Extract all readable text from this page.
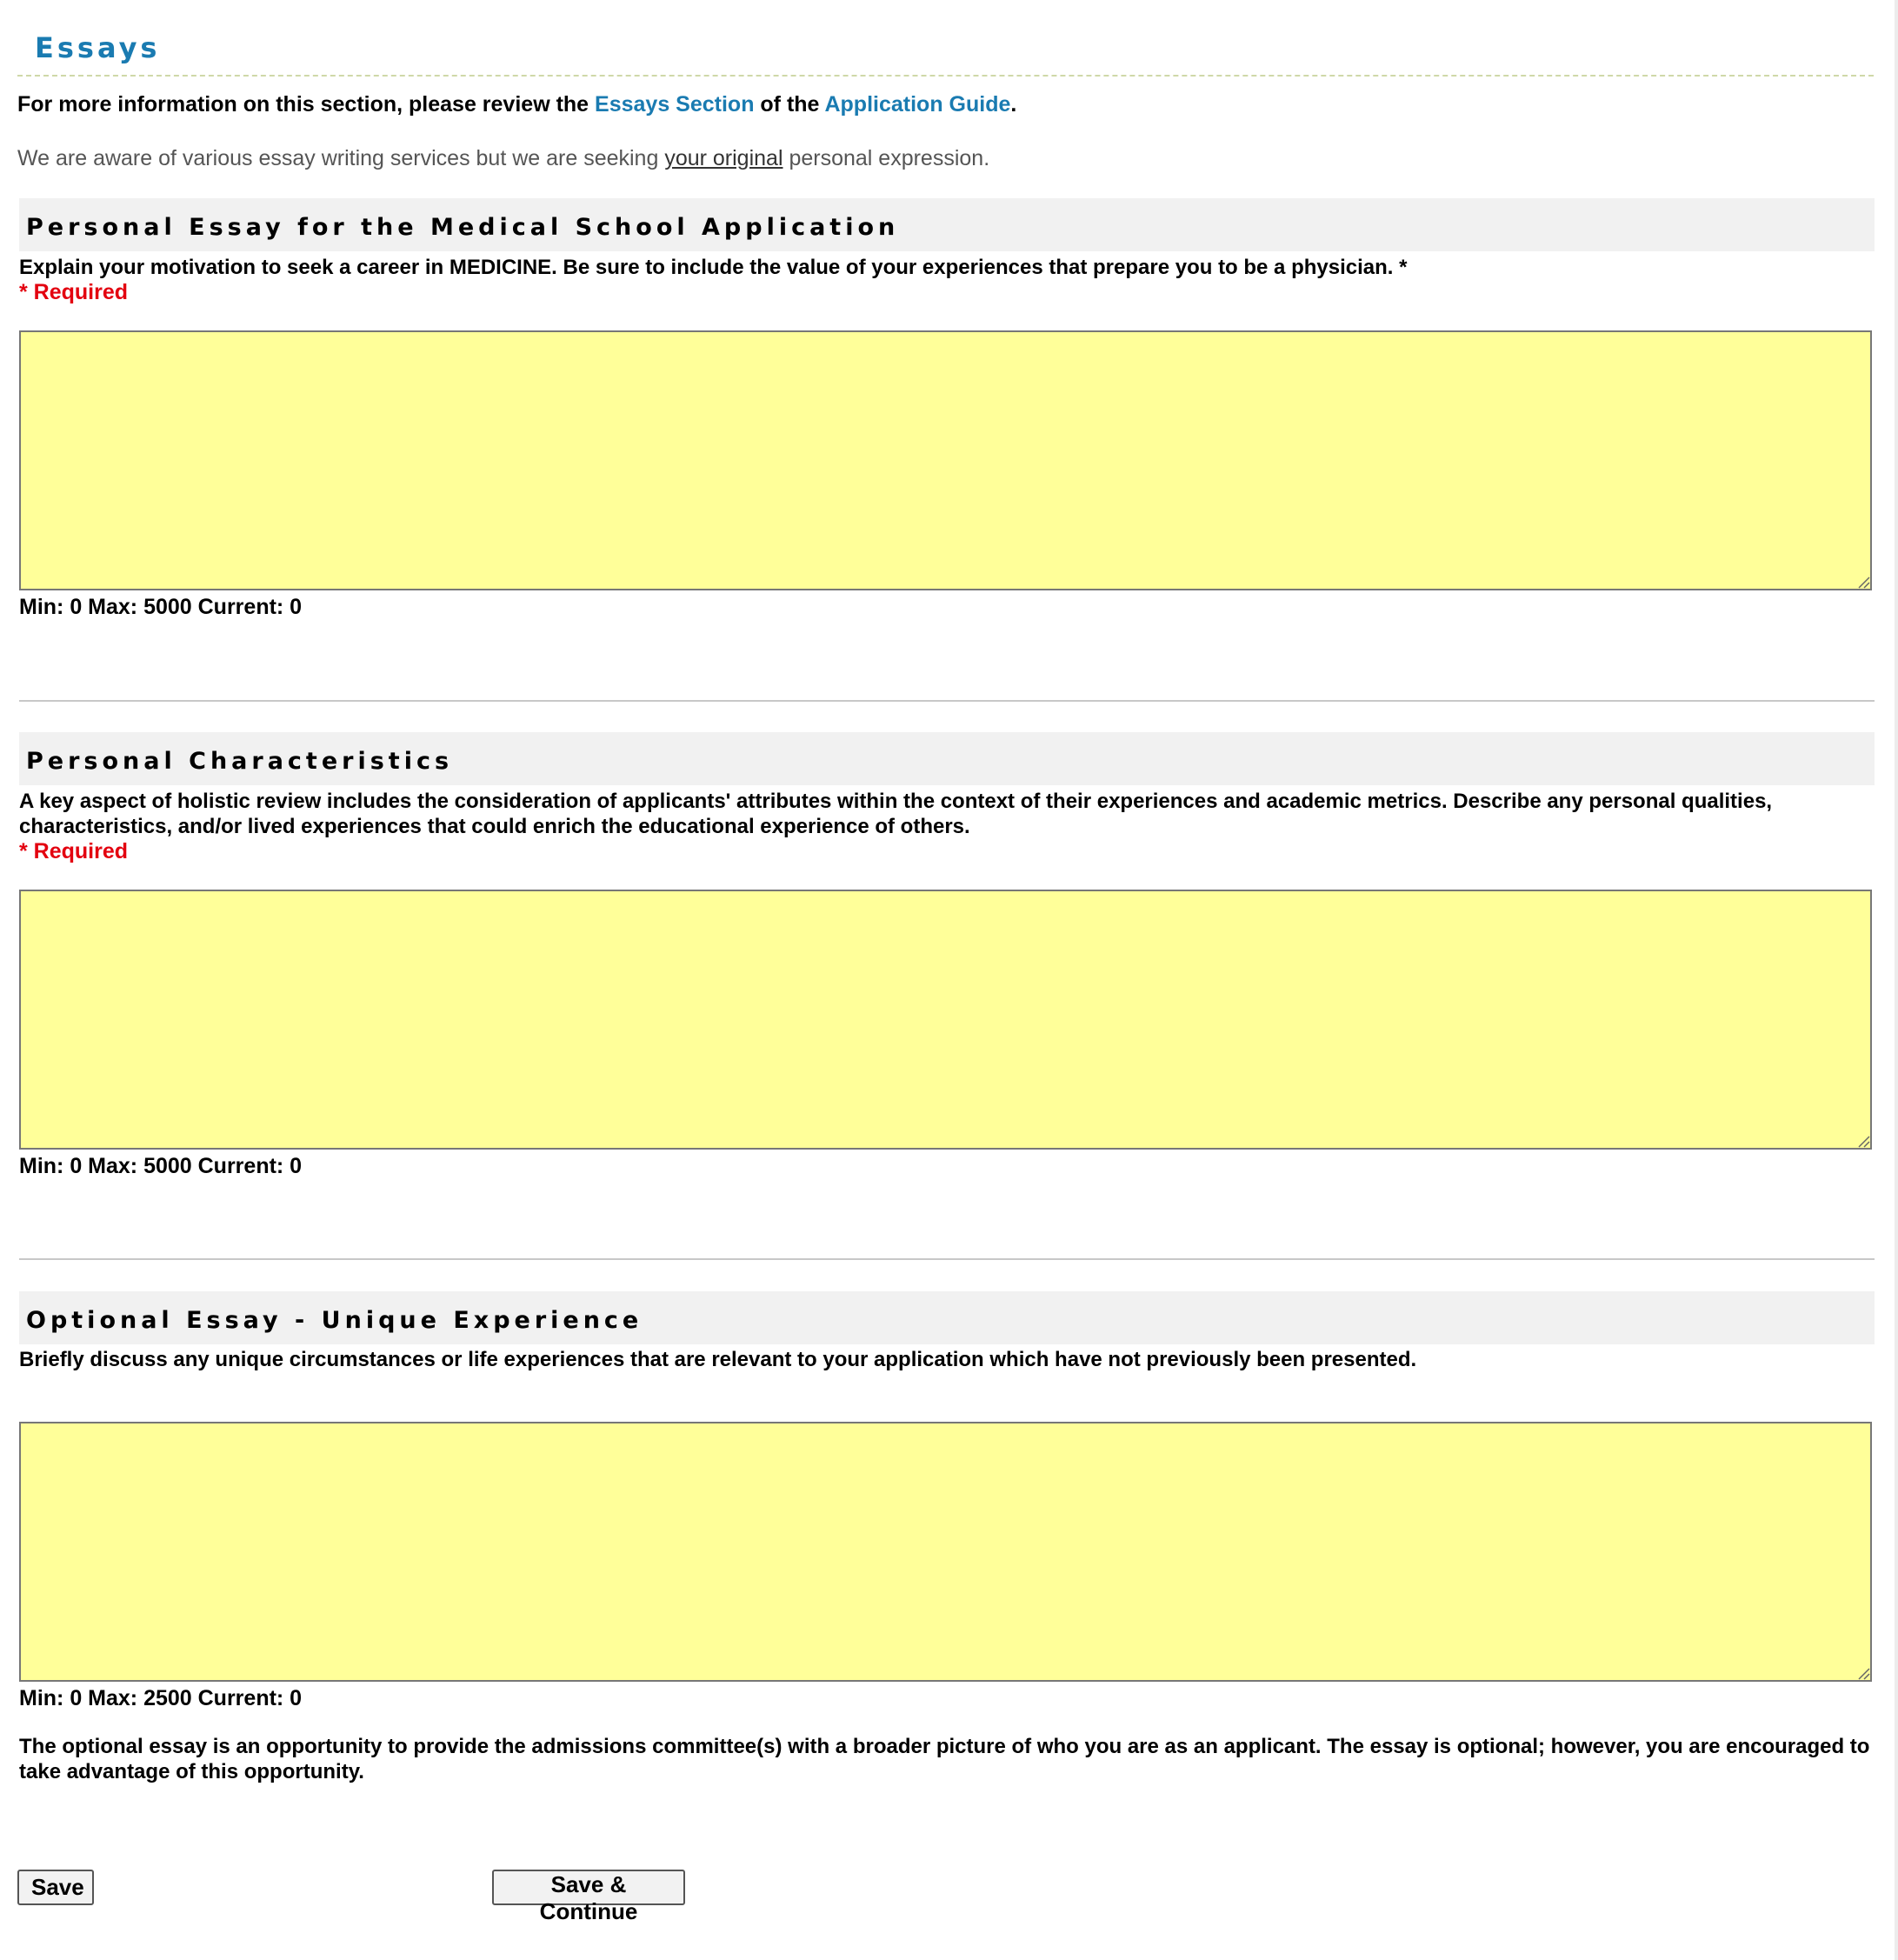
Essays
For more information on this section, please review the Essays Section of the Application Guide.
We are aware of various essay writing services but we are seeking your original personal expression.
Personal Essay for the Medical School Application
Explain your motivation to seek a career in MEDICINE. Be sure to include the value of your experiences that prepare you to be a physician. *
* Required
Min: 0 Max: 5000 Current: 0
Personal Characteristics
A key aspect of holistic review includes the consideration of applicants' attributes within the context of their experiences and academic metrics. Describe any personal qualities, characteristics, and/or lived experiences that could enrich the educational experience of others.
* Required
Min: 0 Max: 5000 Current: 0
Optional Essay - Unique Experience
Briefly discuss any unique circumstances or life experiences that are relevant to your application which have not previously been presented.
Min: 0 Max: 2500 Current: 0
The optional essay is an opportunity to provide the admissions committee(s) with a broader picture of who you are as an applicant. The essay is optional; however, you are encouraged to take advantage of this opportunity.
Save	Save & Continue
